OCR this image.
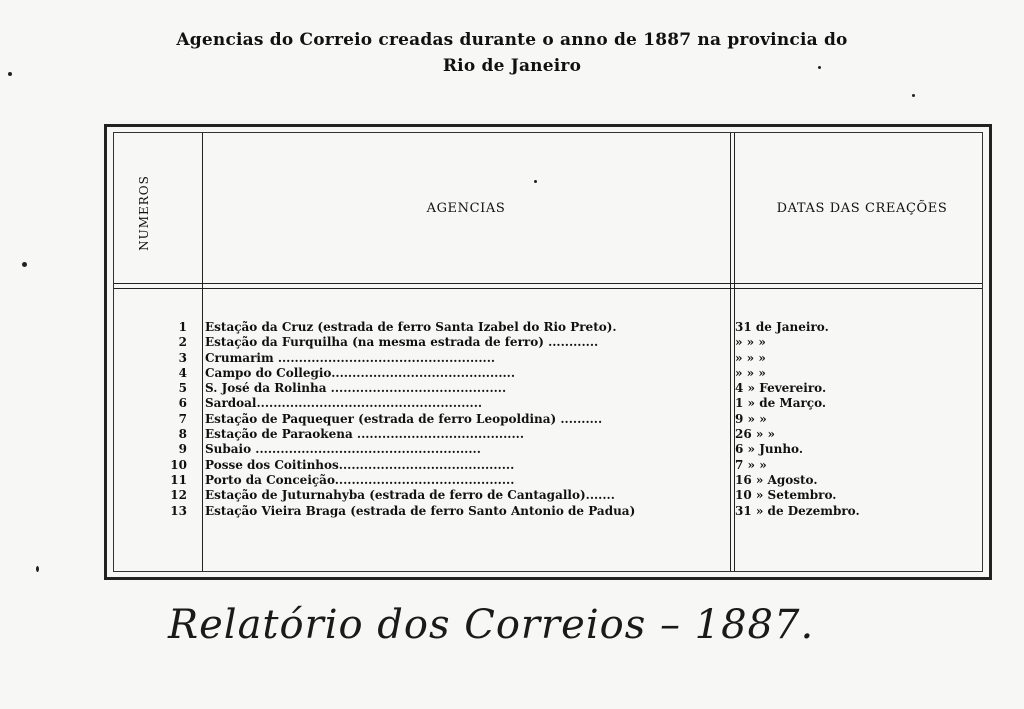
Agencias do Correio creadas durante o anno de 1887 na provincia do
Rio de Janeiro
NUMEROS	AGENCIAS	DATAS DAS CREAÇÕES
1 Estação da Cruz (estrada de ferro Santa Izabel do Rio Preto).	31 de Janeiro.
2 Estação da Furquilha (na mesma estrada de ferro) ............	» » »
3 Crumarim ....................................................	» » »
4 Campo do Collegio............................................	» » »
5 S. José da Rolinha ..........................................	4 » Fevereiro.
6 Sardoal......................................................	1 » de Março.
7 Estação de Paquequer (estrada de ferro Leopoldina) ..........	9 » »
8 Estação de Paraokena ........................................	26 » »
9 Subaio ......................................................	6 » Junho.
10 Posse dos Coitinhos..........................................	7 » »
11 Porto da Conceição...........................................	16 » Agosto.
12 Estação de Juturnahyba (estrada de ferro de Cantagallo).......	10 » Setembro.
13 Estação Vieira Braga (estrada de ferro Santo Antonio de Padua)	31 » de Dezembro.
Relatório dos Correios – 1887.
